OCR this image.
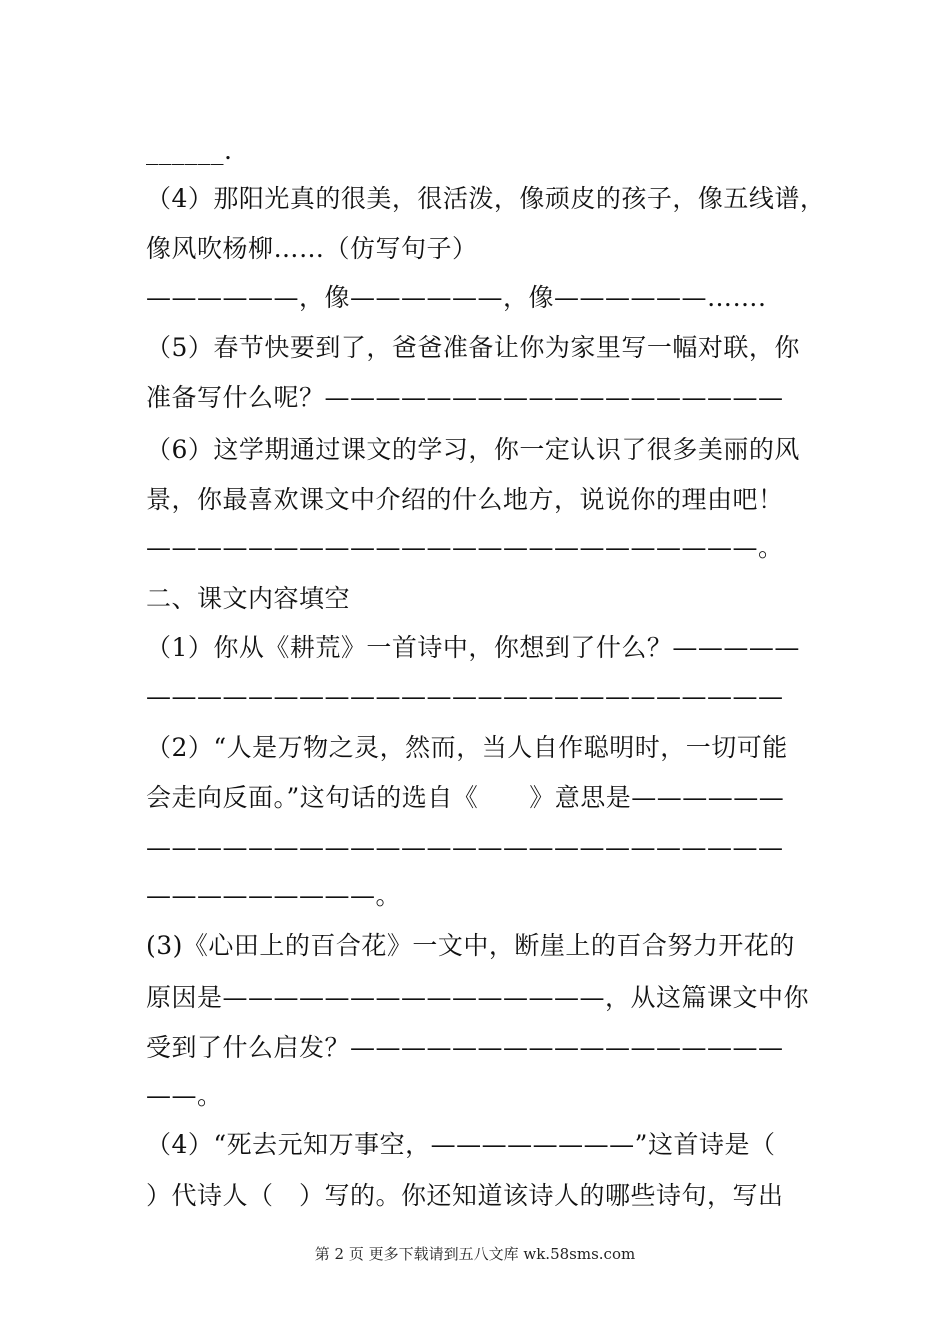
______.
（4）那阳光真的很美，很活泼，像顽皮的孩子，像五线谱，
像风吹杨柳……（仿写句子）
——————，像——————，像——————…….
（5）春节快要到了，爸爸准备让你为家里写一幅对联，你
准备写什么呢？——————————————————
（6）这学期通过课文的学习，你一定认识了很多美丽的风
景，你最喜欢课文中介绍的什么地方，说说你的理由吧！
————————————————————————。
二、课文内容填空
（1）你从《耕荒》一首诗中，你想到了什么？—————
—————————————————————————
（2）“人是万物之灵，然而，当人自作聪明时，一切可能
会走向反面。”这句话的选自《　　》意思是——————
—————————————————————————
—————————。
(3)《心田上的百合花》一文中，断崖上的百合努力开花的
原因是———————————————，从这篇课文中你
受到了什么启发？—————————————————
——。
（4）“死去元知万事空，————————”这首诗是（
）代诗人（　）写的。你还知道该诗人的哪些诗句，写出
第 2 页 更多下载请到五八文库 wk.58sms.com
